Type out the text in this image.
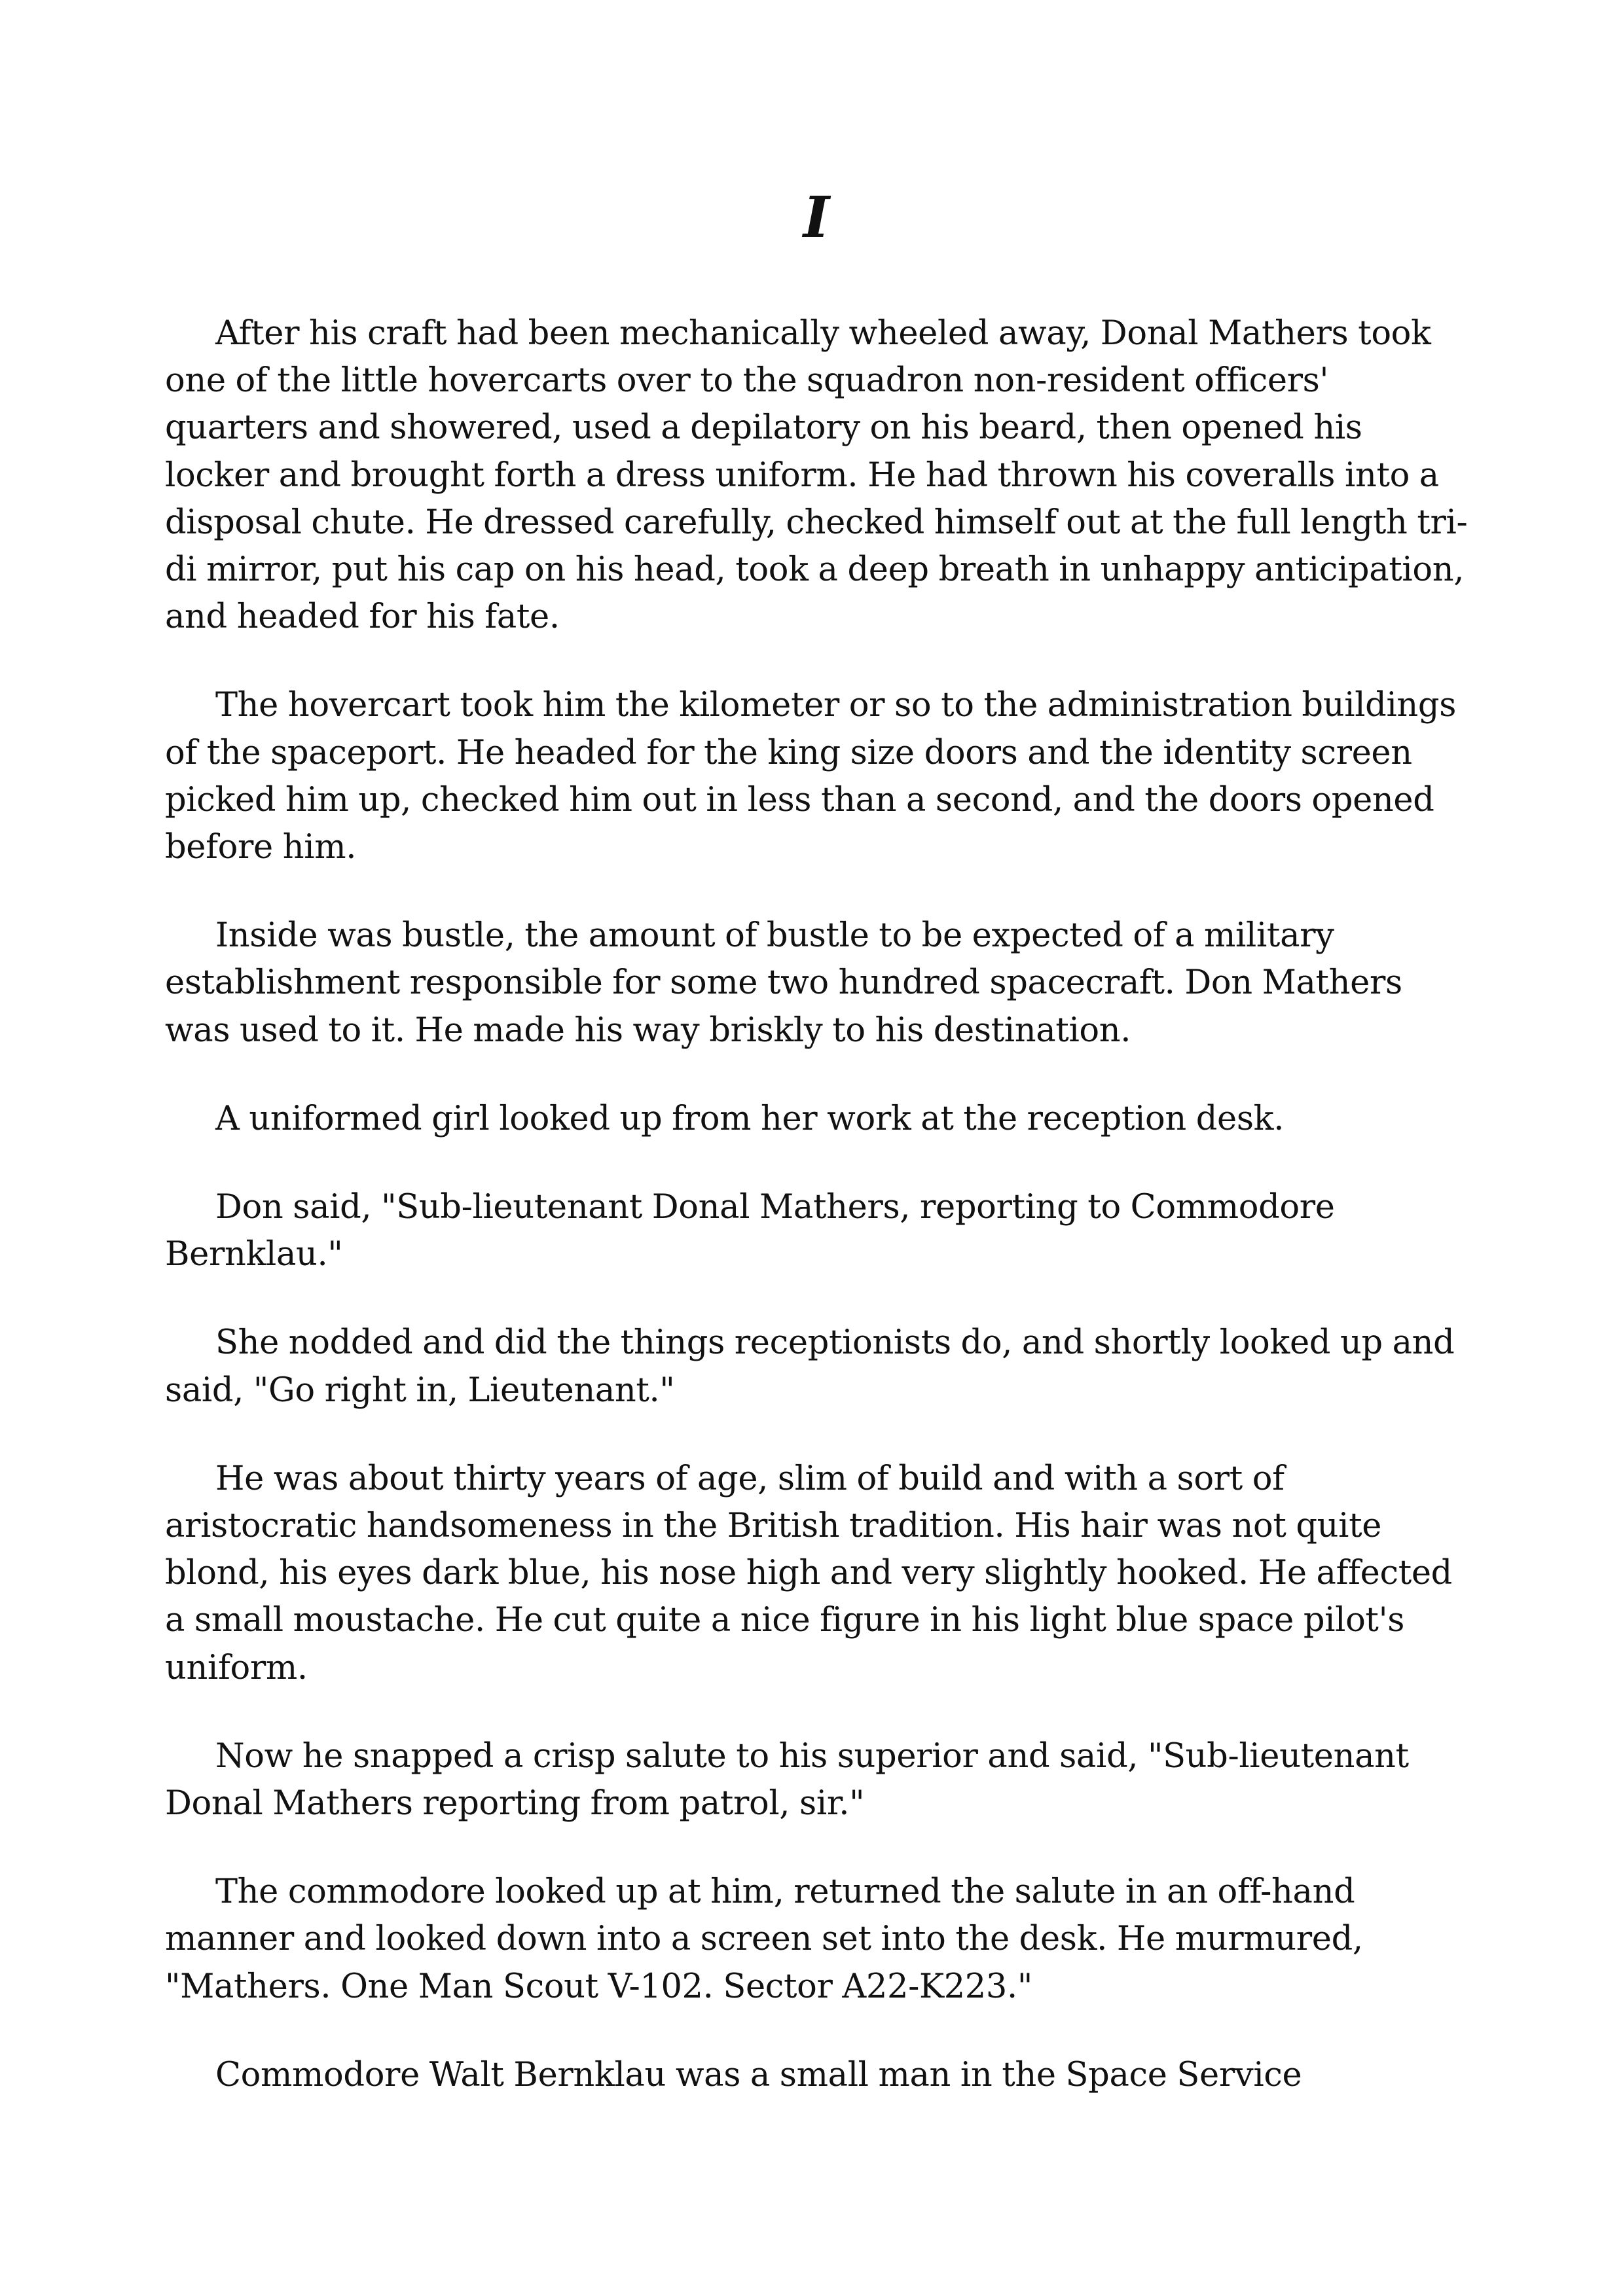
I

After his craft had been mechanically wheeled away, Donal Mathers took one of the little hovercarts over to the squadron non-resident officers' quarters and showered, used a depilatory on his beard, then opened his locker and brought forth a dress uniform. He had thrown his coveralls into a disposal chute. He dressed carefully, checked himself out at the full length tri-di mirror, put his cap on his head, took a deep breath in unhappy anticipation, and headed for his fate.

The hovercart took him the kilometer or so to the administration buildings of the spaceport. He headed for the king size doors and the identity screen picked him up, checked him out in less than a second, and the doors opened before him.

Inside was bustle, the amount of bustle to be expected of a military establishment responsible for some two hundred spacecraft. Don Mathers was used to it. He made his way briskly to his destination.

A uniformed girl looked up from her work at the reception desk.

Don said, "Sub-lieutenant Donal Mathers, reporting to Commodore Bernklau."

She nodded and did the things receptionists do, and shortly looked up and said, "Go right in, Lieutenant."

He was about thirty years of age, slim of build and with a sort of aristocratic handsomeness in the British tradition. His hair was not quite blond, his eyes dark blue, his nose high and very slightly hooked. He affected a small moustache. He cut quite a nice figure in his light blue space pilot's uniform.

Now he snapped a crisp salute to his superior and said, "Sub-lieutenant Donal Mathers reporting from patrol, sir."

The commodore looked up at him, returned the salute in an off-hand manner and looked down into a screen set into the desk. He murmured, "Mathers. One Man Scout V-102. Sector A22-K223."

Commodore Walt Bernklau was a small man in the Space Service
